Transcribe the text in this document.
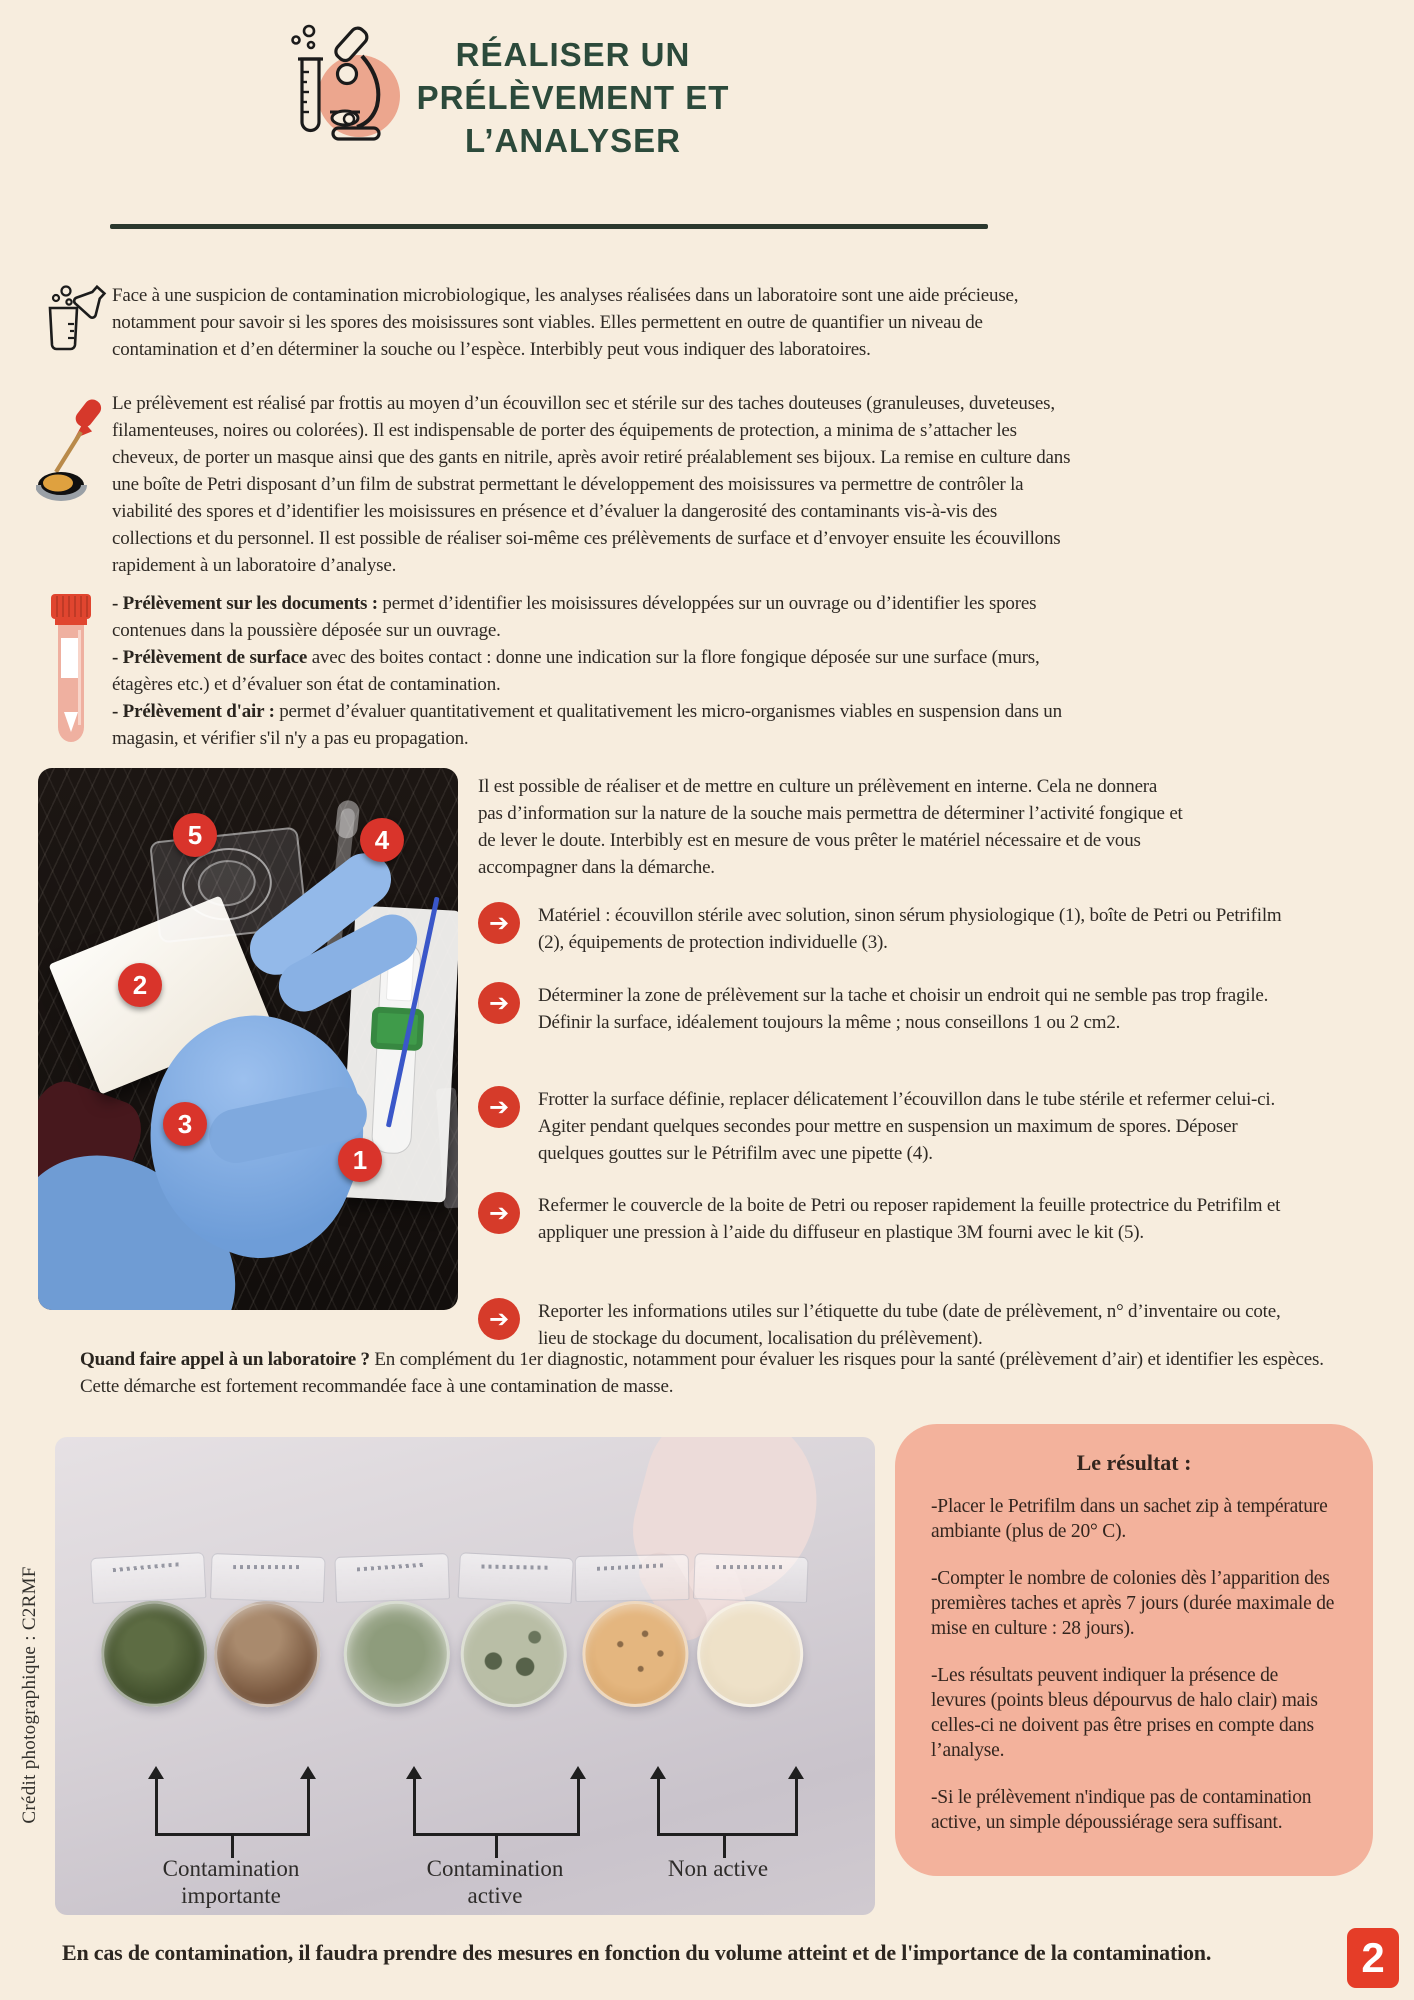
RÉALISER UN
PRÉLÈVEMENT ET
L’ANALYSER

Face à une suspicion de contamination microbiologique, les analyses réalisées dans un laboratoire sont une aide précieuse, notamment pour savoir si les spores des moisissures sont viables. Elles permettent en outre de quantifier un niveau de contamination et d’en déterminer la souche ou l’espèce. Interbibly peut vous indiquer des laboratoires.

Le prélèvement est réalisé par frottis au moyen d’un écouvillon sec et stérile sur des taches douteuses (granuleuses, duveteuses, filamenteuses, noires ou colorées). Il est indispensable de porter des équipements de protection, a minima de s’attacher les cheveux, de porter un masque ainsi que des gants en nitrile, après avoir retiré préalablement ses bijoux. La remise en culture dans une boîte de Petri disposant d’un film de substrat permettant le développement des moisissures va permettre de contrôler la viabilité des spores et d’identifier les moisissures en présence et d’évaluer la dangerosité des contaminants vis-à-vis des collections et du personnel. Il est possible de réaliser soi-même ces prélèvements de surface et d’envoyer ensuite les écouvillons rapidement à un laboratoire d’analyse.

- Prélèvement sur les documents : permet d’identifier les moisissures développées sur un ouvrage ou d’identifier les spores contenues dans la poussière déposée sur un ouvrage.

- Prélèvement de surface avec des boites contact : donne une indication sur la flore fongique déposée sur une surface (murs, étagères etc.) et d’évaluer son état de contamination.

- Prélèvement d'air : permet d’évaluer quantitativement et qualitativement les micro-organismes viables en suspension dans un magasin, et vérifier s'il n'y a pas eu propagation.

5	4
2
3
1

Il est possible de réaliser et de mettre en culture un prélèvement en interne. Cela ne donnera pas d’information sur la nature de la souche mais permettra de déterminer l’activité fongique et de lever le doute. Interbibly est en mesure de vous prêter le matériel nécessaire et de vous accompagner dans la démarche.

➔	Matériel : écouvillon stérile avec solution, sinon sérum physiologique (1), boîte de Petri ou Petrifilm (2), équipements de protection individuelle (3).
➔	Déterminer la zone de prélèvement sur la tache et choisir un endroit qui ne semble pas trop fragile. Définir la surface, idéalement toujours la même ; nous conseillons 1 ou 2 cm2.
➔	Frotter la surface définie, replacer délicatement l’écouvillon dans le tube stérile et refermer celui-ci. Agiter pendant quelques secondes pour mettre en suspension un maximum de spores. Déposer quelques gouttes sur le Pétrifilm avec une pipette (4).
➔	Refermer le couvercle de la boite de Petri ou reposer rapidement la feuille protectrice du Petrifilm et appliquer une pression à l’aide du diffuseur en plastique 3M fourni avec le kit (5).
➔	Reporter les informations utiles sur l’étiquette du tube (date de prélèvement, n° d’inventaire ou cote, lieu de stockage du document, localisation du prélèvement).

Quand faire appel à un laboratoire ? En complément du 1er diagnostic, notamment pour évaluer les risques pour la santé (prélèvement d’air) et identifier les espèces. Cette démarche est fortement recommandée face à une contamination de masse.

Crédit photographique : C2RMF
Contamination importante
Contamination active
Non active
Le résultat :

-Placer le Petrifilm dans un sachet zip à température ambiante (plus de 20° C).

-Compter le nombre de colonies dès l’apparition des premières taches et après 7 jours (durée maximale de mise en culture : 28 jours).

-Les résultats peuvent indiquer la présence de levures (points bleus dépourvus de halo clair) mais celles-ci ne doivent pas être prises en compte dans l’analyse.

-Si le prélèvement n'indique pas de contamination active, un simple dépoussiérage sera suffisant.

En cas de contamination, il faudra prendre des mesures en fonction du volume atteint et de l'importance de la contamination.	2
